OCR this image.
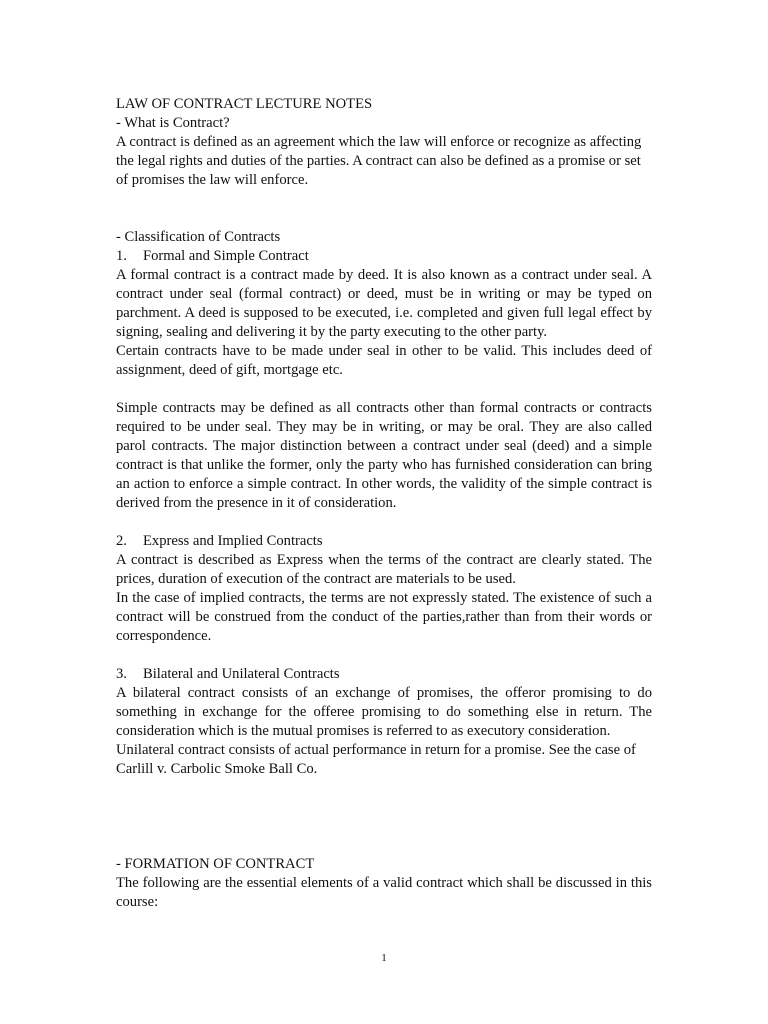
LAW OF CONTRACT LECTURE NOTES

- What is Contract?

A contract is defined as an agreement which the law will enforce or recognize as affecting the legal rights and duties of the parties. A contract can also be defined as a promise or set of promises the law will enforce.

- Classification of Contracts

1.	Formal and Simple Contract

A formal contract is a contract made by deed. It is also known as a contract under seal. A contract under seal (formal contract) or deed, must be in writing or may be typed on parchment. A deed is supposed to be executed, i.e. completed and given full legal effect by signing, sealing and delivering it by the party executing to the other party.

Certain contracts have to be made under seal in other to be valid. This includes deed of assignment, deed of gift, mortgage etc.

Simple contracts may be defined as all contracts other than formal contracts or contracts required to be under seal. They may be in writing, or may be oral. They are also called parol contracts. The major distinction between a contract under seal (deed) and a simple contract is that unlike the former, only the party who has furnished consideration can bring an action to enforce a simple contract. In other words, the validity of the simple contract is derived from the presence in it of consideration.

2.	Express and Implied Contracts

A contract is described as Express when the terms of the contract are clearly stated. The prices, duration of execution of the contract are materials to be used.

In the case of implied contracts, the terms are not expressly stated. The existence of such a contract will be construed from the conduct of the parties,rather than from their words or correspondence.

3.	Bilateral and Unilateral Contracts

A bilateral contract consists of an exchange of promises, the offeror promising to do something in exchange for the offeree promising to do something else in return. The consideration which is the mutual promises is referred to as executory consideration.

Unilateral contract consists of actual performance in return for a promise. See the case of Carlill v. Carbolic Smoke Ball Co.

- FORMATION OF CONTRACT

The following are the essential elements of a valid contract which shall be discussed in this course:

1
